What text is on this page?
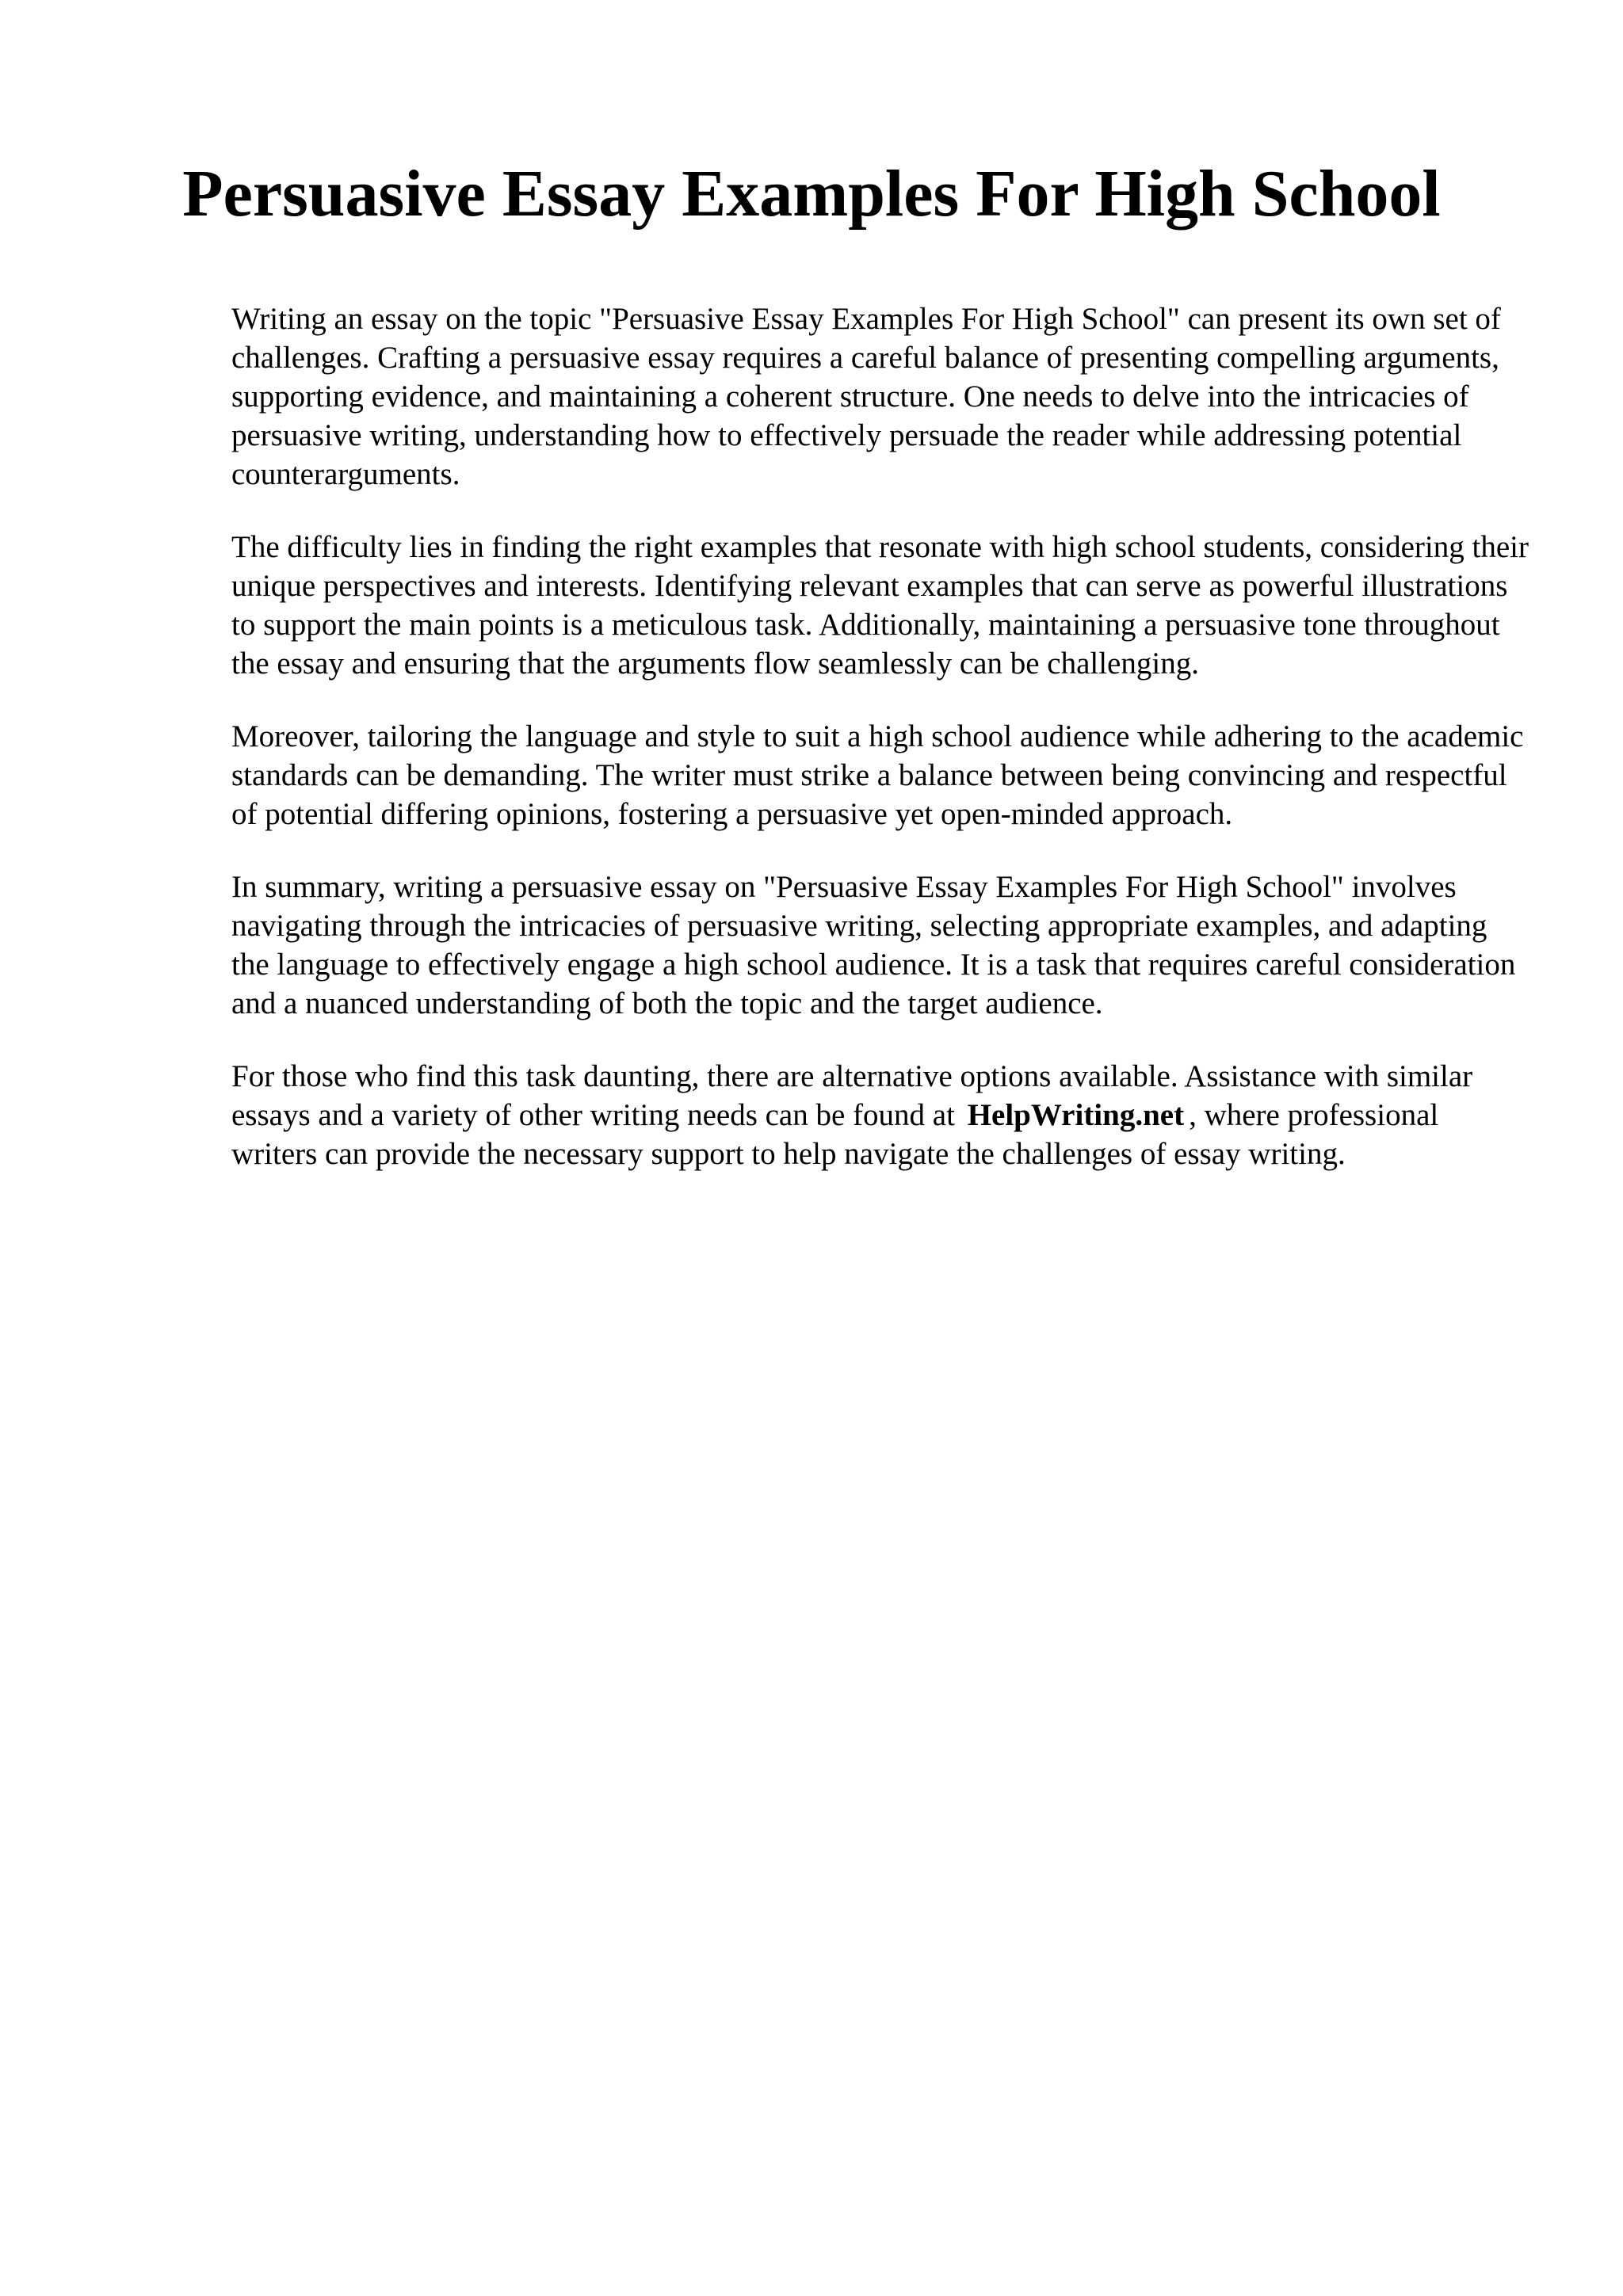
Persuasive Essay Examples For High School

Writing an essay on the topic "Persuasive Essay Examples For High School" can present its own set of challenges. Crafting a persuasive essay requires a careful balance of presenting compelling arguments, supporting evidence, and maintaining a coherent structure. One needs to delve into the intricacies of persuasive writing, understanding how to effectively persuade the reader while addressing potential counterarguments.

The difficulty lies in finding the right examples that resonate with high school students, considering their unique perspectives and interests. Identifying relevant examples that can serve as powerful illustrations to support the main points is a meticulous task. Additionally, maintaining a persuasive tone throughout the essay and ensuring that the arguments flow seamlessly can be challenging.

Moreover, tailoring the language and style to suit a high school audience while adhering to the academic standards can be demanding. The writer must strike a balance between being convincing and respectful of potential differing opinions, fostering a persuasive yet open-minded approach.

In summary, writing a persuasive essay on "Persuasive Essay Examples For High School" involves navigating through the intricacies of persuasive writing, selecting appropriate examples, and adapting the language to effectively engage a high school audience. It is a task that requires careful consideration and a nuanced understanding of both the topic and the target audience.

For those who find this task daunting, there are alternative options available. Assistance with similar essays and a variety of other writing needs can be found at HelpWriting.net , where professional writers can provide the necessary support to help navigate the challenges of essay writing.
